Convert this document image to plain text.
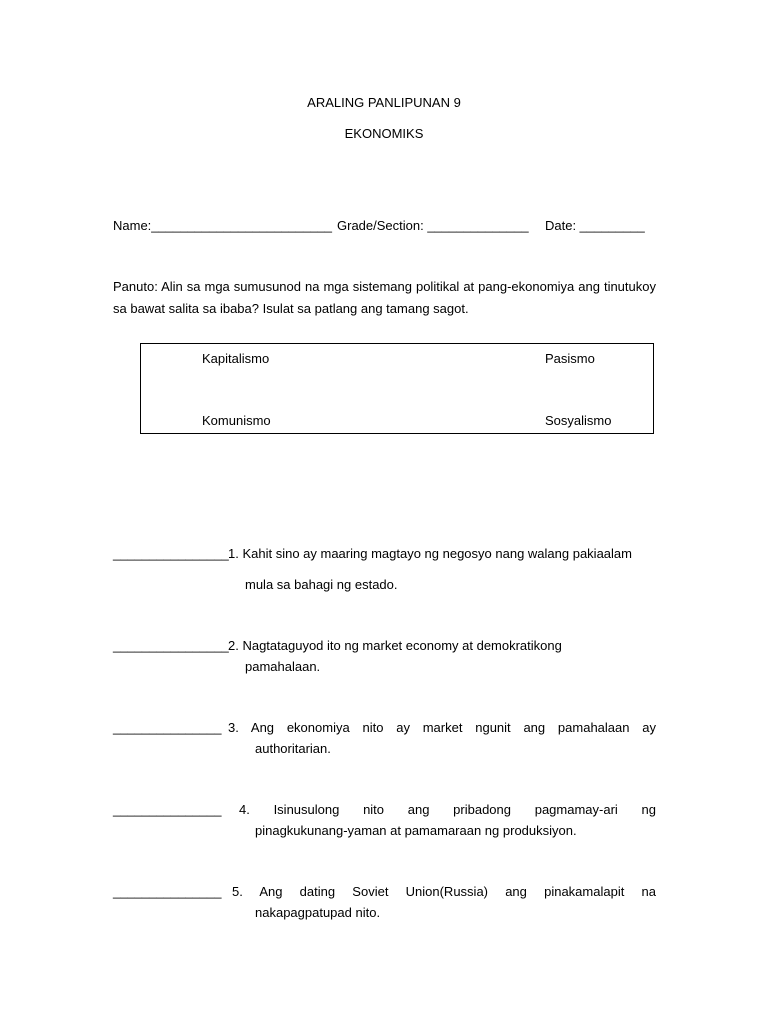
ARALING PANLIPUNAN 9
EKONOMIKS
Name:_________________________ Grade/Section: ______________ Date: _________
Panuto: Alin sa mga sumusunod na mga sistemang politikal at pang-ekonomiya ang tinutukoy sa bawat salita sa ibaba? Isulat sa patlang ang tamang sagot.
Kapitalismo	Pasismo
Komunismo	Sosyalismo
________________ 1. Kahit sino ay maaring magtayo ng negosyo nang walang pakiaalam
mula sa bahagi ng estado.
________________ 2. Nagtataguyod ito ng market economy at demokratikong
pamahalaan.
_______________ 3. Ang ekonomiya nito ay market ngunit ang pamahalaan ay
authoritarian.
_______________ 4. Isinusulong nito ang pribadong pagmamay-ari ng
pinagkukunang-yaman at pamamaraan ng produksiyon.
_______________ 5. Ang dating Soviet Union(Russia) ang pinakamalapit na
nakapagpatupad nito.
